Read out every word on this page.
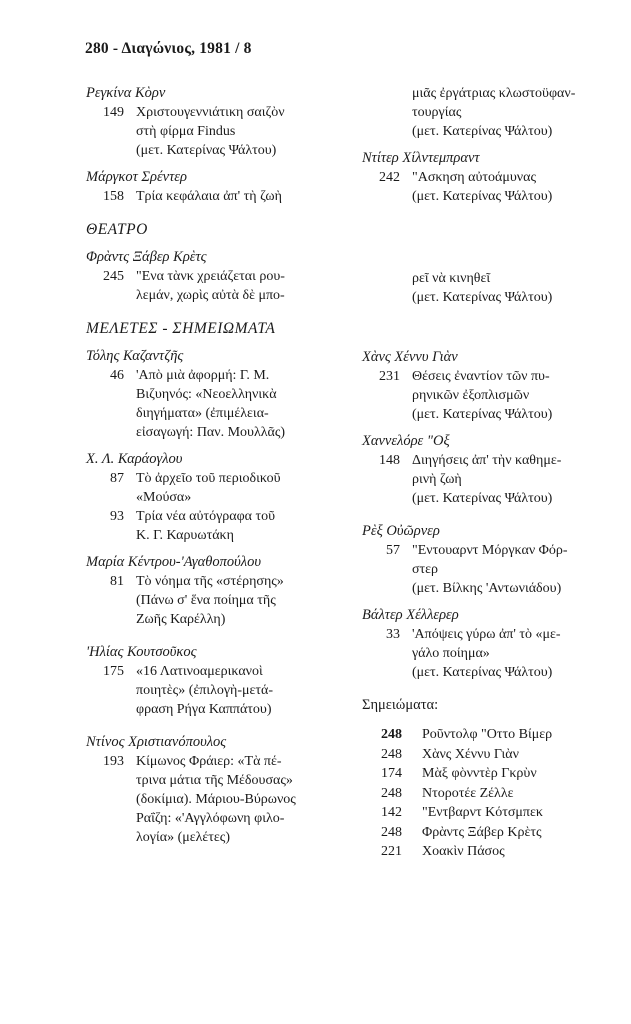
280 - Διαγώνιος, 1981 / 8
Ρεγκίνα Κὸρν
149 Χριστουγεννιάτικη σαιζὸν
στὴ φίρμα Findus
(μετ. Κατερίνας Ψάλτου)
Μάργκοτ Σρέντερ
158 Τρία κεφάλαια ἀπ' τὴ ζωὴ
ΘΕΑΤΡΟ
Φρὰντς Ξάβερ Κρὲτς
245 "Ενα τὰνκ χρειάζεται ρου-
λεμάν, χωρὶς αὐτὰ δὲ μπο-
ΜΕΛΕΤΕΣ - ΣΗΜΕΙΩΜΑΤΑ
Τόλης Καζαντζῆς
46 'Απὸ μιὰ ἀφορμή: Γ. Μ.
Βιζυηνός: «Νεοελληνικὰ
διηγήματα» (ἐπιμέλεια-
εἰσαγωγή: Παν. Μουλλᾶς)
Χ. Λ. Καράογλου
87 Τὸ ἀρχεῖο τοῦ περιοδικοῦ
«Μούσα»
93 Τρία νέα αὐτόγραφα τοῦ
Κ. Γ. Καρυωτάκη
Μαρία Κέντρου-'Αγαθοπούλου
81 Τὸ νόημα τῆς «στέρησης»
(Πάνω σ' ἕνα ποίημα τῆς
Ζωῆς Καρέλλη)
'Ηλίας Κουτσοῦκος
175 «16 Λατινοαμερικανοὶ
ποιητὲς» (ἐπιλογὴ-μετά-
φραση Ρήγα Καππάτου)
Ντίνος Χριστιανόπουλος
193 Κίμωνος Φράιερ: «Τὰ πέ-
τρινα μάτια τῆς Μέδουσας»
(δοκίμια). Μάριου-Βύρωνος
Ραΐζη: «'Αγγλόφωνη φιλο-
λογία» (μελέτες)
μιᾶς ἐργάτριας κλωστοϋφαν-
τουργίας
(μετ. Κατερίνας Ψάλτου)
Ντίτερ Χίλντεμπραντ
242 "Ασκηση αὐτοάμυνας
(μετ. Κατερίνας Ψάλτου)
ρεῖ νὰ κινηθεῖ
(μετ. Κατερίνας Ψάλτου)
Χὰνς Χέννυ Γιὰν
231 Θέσεις ἐναντίον τῶν πυ-
ρηνικῶν ἐξοπλισμῶν
(μετ. Κατερίνας Ψάλτου)
Χαννελόρε "Οξ
148 Διηγήσεις ἀπ' τὴν καθημε-
ρινὴ ζωὴ
(μετ. Κατερίνας Ψάλτου)
Ρὲξ Οὐῶρνερ
57 "Εντουαρντ Μόργκαν Φόρ-
στερ
(μετ. Βίλκης 'Αντωνιάδου)
Βάλτερ Χέλλερερ
33 'Απόψεις γύρω ἀπ' τὸ «με-
γάλο ποίημα»
(μετ. Κατερίνας Ψάλτου)
Σημειώματα:
248	Ροῦντολφ "Οττο Βίμερ
248	Χὰνς Χέννυ Γιὰν
174	Μὰξ φὸνντὲρ Γκρὺν
248	Ντοροτέε Ζέλλε
142	"Εντβαρντ Κότσμπεκ
248	Φρὰντς Ξάβερ Κρὲτς
221	Χοακὶν Πάσος
